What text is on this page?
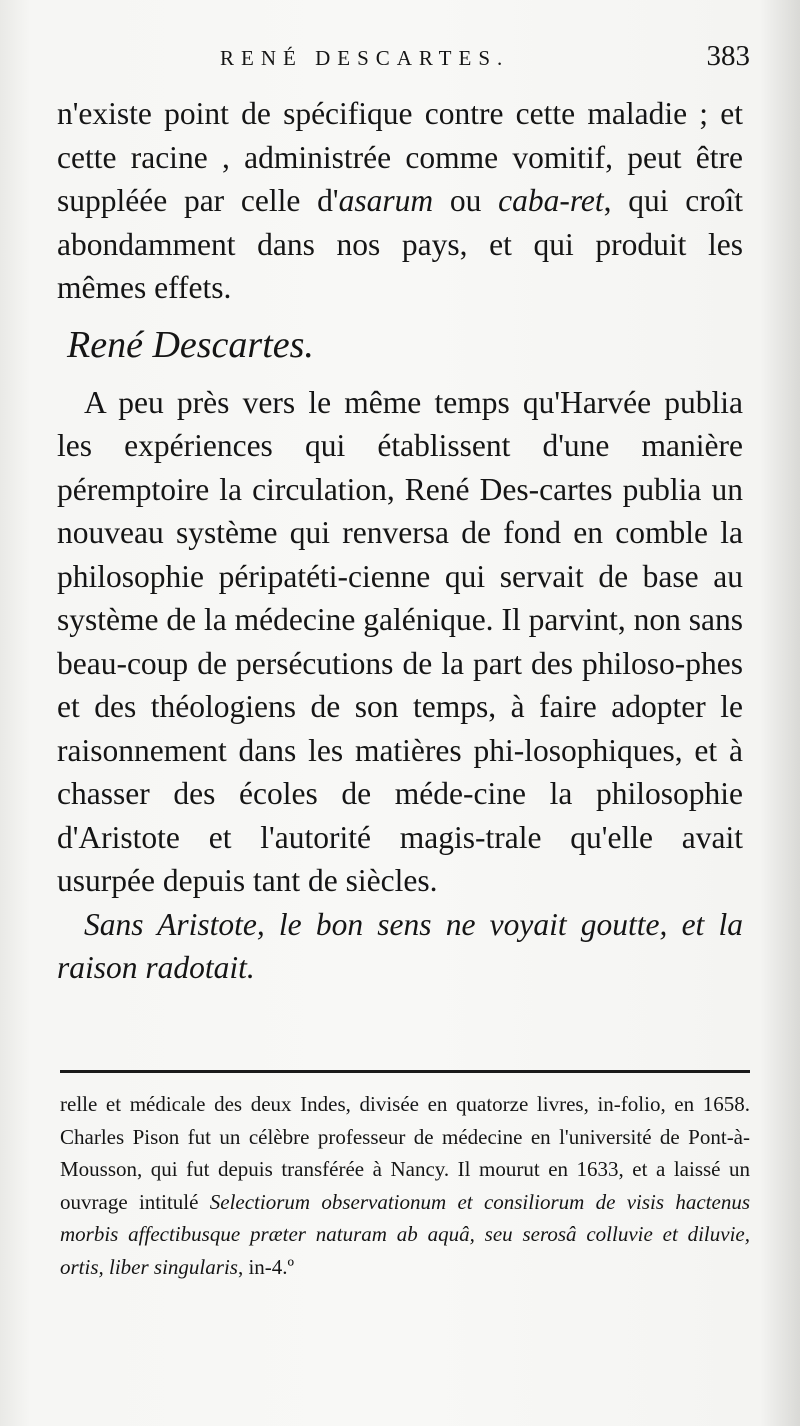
RENÉ DESCARTES.	383

n'existe point de spécifique contre cette maladie ; et cette racine , administrée comme vomitif, peut être suppléée par celle d'asarum ou caba-ret, qui croît abondamment dans nos pays, et qui produit les mêmes effets.

René Descartes.

A peu près vers le même temps qu'Harvée publia les expériences qui établissent d'une manière péremptoire la circulation, René Des-cartes publia un nouveau système qui renversa de fond en comble la philosophie péripatéti-cienne qui servait de base au système de la médecine galénique. Il parvint, non sans beau-coup de persécutions de la part des philoso-phes et des théologiens de son temps, à faire adopter le raisonnement dans les matières phi-losophiques, et à chasser des écoles de méde-cine la philosophie d'Aristote et l'autorité magis-trale qu'elle avait usurpée depuis tant de siècles.

Sans Aristote, le bon sens ne voyait goutte, et la raison radotait.

relle et médicale des deux Indes, divisée en quatorze livres, in-folio, en 1658. Charles Pison fut un célèbre professeur de médecine en l'université de Pont-à-Mousson, qui fut depuis transférée à Nancy. Il mourut en 1633, et a laissé un ouvrage intitulé Selectiorum observationum et consiliorum de visis hactenus morbis affectibusque præter naturam ab aquâ, seu serosâ colluvie et diluvie, ortis, liber singularis, in-4.º
